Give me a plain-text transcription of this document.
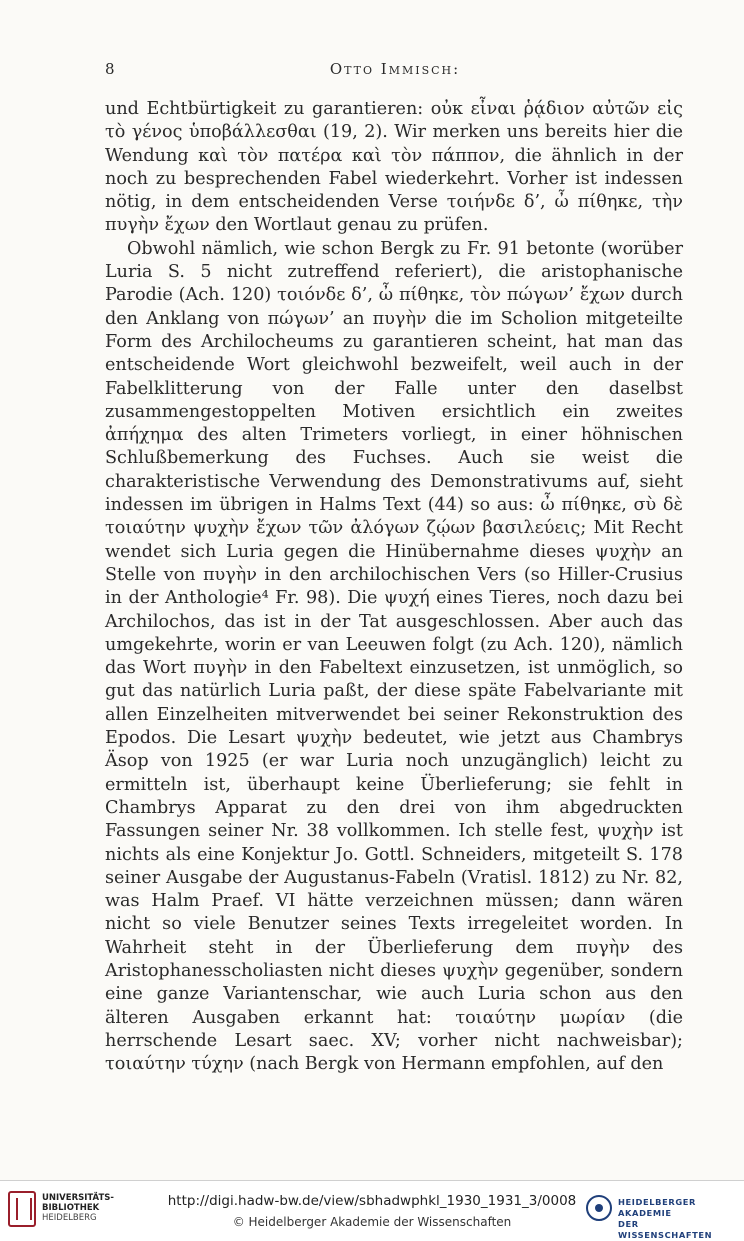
8	Otto Immisch:

und Echtbürtigkeit zu garantieren: οὐκ εἶναι ῥᾴδιον αὐτῶν εἰς τὸ γένος ὑποβάλλεσθαι (19, 2). Wir merken uns bereits hier die Wendung καὶ τὸν πατέρα καὶ τὸν πάππον, die ähnlich in der noch zu besprechenden Fabel wiederkehrt. Vorher ist indessen nötig, in dem entscheidenden Verse τοιήνδε δ’, ὦ πίθηκε, τὴν πυγὴν ἔχων den Wortlaut genau zu prüfen.

Obwohl nämlich, wie schon Bergk zu Fr. 91 betonte (worüber Luria S. 5 nicht zutreffend referiert), die aristophanische Parodie (Ach. 120) τοιόνδε δ’, ὦ πίθηκε, τὸν πώγων’ ἔχων durch den Anklang von πώγων’ an πυγὴν die im Scholion mitgeteilte Form des Archilocheums zu garantieren scheint, hat man das entscheidende Wort gleichwohl bezweifelt, weil auch in der Fabelklitterung von der Falle unter den daselbst zusammengestoppelten Motiven ersichtlich ein zweites ἀπήχημα des alten Trimeters vorliegt, in einer höhnischen Schlußbemerkung des Fuchses. Auch sie weist die charakteristische Verwendung des Demonstrativums auf, sieht indessen im übrigen in Halms Text (44) so aus: ὦ πίθηκε, σὺ δὲ τοιαύτην ψυχὴν ἔχων τῶν ἀλόγων ζῴων βασιλεύεις; Mit Recht wendet sich Luria gegen die Hinübernahme dieses ψυχὴν an Stelle von πυγὴν in den archilochischen Vers (so Hiller-Crusius in der Anthologie⁴ Fr. 98). Die ψυχή eines Tieres, noch dazu bei Archilochos, das ist in der Tat ausgeschlossen. Aber auch das umgekehrte, worin er van Leeuwen folgt (zu Ach. 120), nämlich das Wort πυγὴν in den Fabeltext einzusetzen, ist unmöglich, so gut das natürlich Luria paßt, der diese späte Fabelvariante mit allen Einzelheiten mitverwendet bei seiner Rekonstruktion des Epodos. Die Lesart ψυχὴν bedeutet, wie jetzt aus Chambrys Äsop von 1925 (er war Luria noch unzugänglich) leicht zu ermitteln ist, überhaupt keine Überlieferung; sie fehlt in Chambrys Apparat zu den drei von ihm abgedruckten Fassungen seiner Nr. 38 vollkommen. Ich stelle fest, ψυχὴν ist nichts als eine Konjektur Jo. Gottl. Schneiders, mitgeteilt S. 178 seiner Ausgabe der Augustanus-Fabeln (Vratisl. 1812) zu Nr. 82, was Halm Praef. VI hätte verzeichnen müssen; dann wären nicht so viele Benutzer seines Texts irregeleitet worden. In Wahrheit steht in der Überlieferung dem πυγὴν des Aristophanesscholiasten nicht dieses ψυχὴν gegenüber, sondern eine ganze Variantenschar, wie auch Luria schon aus den älteren Ausgaben erkannt hat: τοιαύτην μωρίαν (die herrschende Lesart saec. XV; vorher nicht nachweisbar); τοιαύτην τύχην (nach Bergk von Hermann empfohlen, auf den

UNIVERSITÄTS-
BIBLIOTHEK
HEIDELBERG
http://digi.hadw-bw.de/view/sbhadwphkl_1930_1931_3/0008
© Heidelberger Akademie der Wissenschaften
HEIDELBERGER AKADEMIE
DER WISSENSCHAFTEN
